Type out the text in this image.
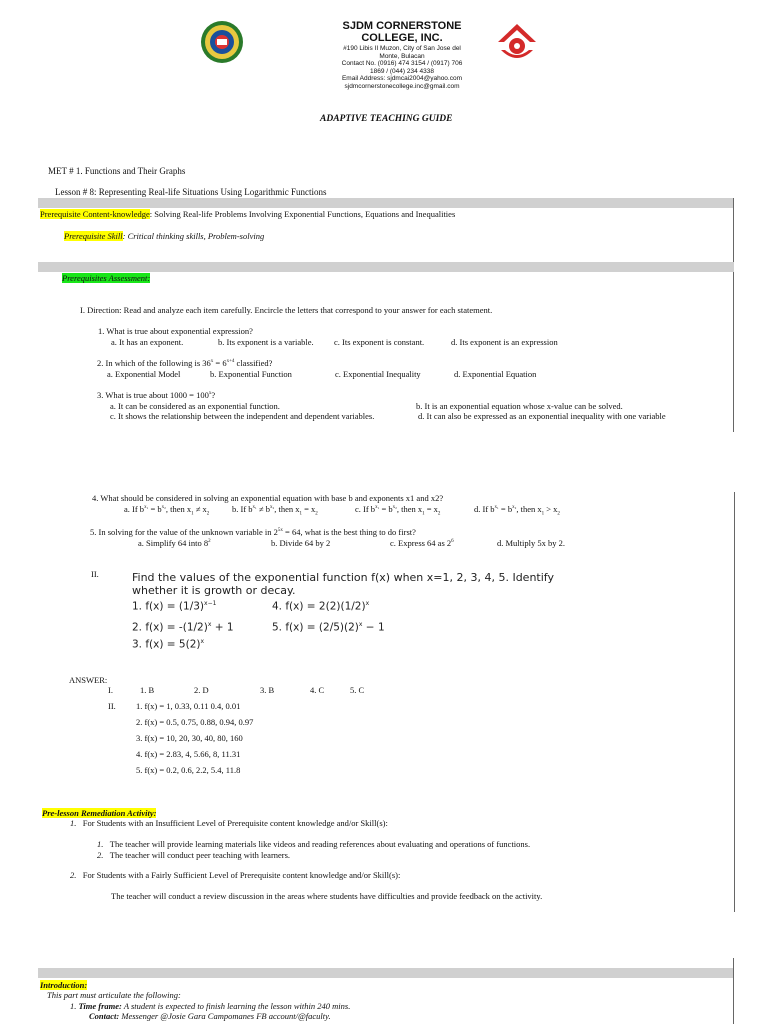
SJDM CORNERSTONE
COLLEGE, INC.
#190 Libis II Muzon, City of San Jose del
Monte, Bulacan
Contact No. (0916) 474 3154 / (0917) 706
1869 / (044) 234 4338
Email Address: sjdmcai2004@yahoo.com
sjdmcornerstonecollege.inc@gmail.com
ADAPTIVE TEACHING GUIDE
MET # 1. Functions and Their Graphs
Lesson # 8: Representing Real-life Situations Using Logarithmic Functions
Prerequisite Content-knowledge: Solving Real-life Problems Involving Exponential Functions, Equations and Inequalities
Prerequisite Skill: Critical thinking skills, Problem-solving
Prerequisites Assessment:
I. Direction: Read and analyze each item carefully. Encircle the letters that correspond to your answer for each statement.
1. What is true about exponential expression?
a. It has an exponent.	b. Its exponent is a variable. c. Its exponent is constant.	d. Its exponent is an expression
2. In which of the following is $36^x = 6^{x+4}$ classified?
a. Exponential Model	b. Exponential Function	c. Exponential Inequality	d. Exponential Equation
3. What is true about $1000 = 100^x$?
a. It can be considered as an exponential function.	b. It is an exponential equation whose x-value can be solved.
c. It shows the relationship between the independent and dependent variables.	d. It can also be expressed as an exponential inequality with one variable
4. What should be considered in solving an exponential equation with base b and exponents x1 and x2?
a. If $b^{x_1} = b^{x_2}$, then $x_1 \ne x_2$
b. If $b^{x_1} \ne b^{x_2}$, then $x_1 = x_2$
c. If $b^{x_1} = b^{x_2}$, then $x_1 = x_2$
d. If $b^{x_1} = b^{x_2}$, then $x_1 > x_2$
5. In solving for the value of the unknown variable in $2^{5x} = 64$, what is the best thing to do first?
a. Simplify 64 into $8^2$	b. Divide 64 by 2	c. Express 64 as $2^6$	d. Multiply 5x by 2.
II.	Find the values of the exponential function f(x) when x=1, 2, 3, 4, 5. Identify
whether it is growth or decay.
1. $f(x) = (1/3)^{x-1}$	4. $f(x) = 2(2)(1/2)^x$
2. $f(x) = -(1/2)^x + 1$	5. $f(x) = (2/5)(2)^x - 1$
3. $f(x) = 5(2)^x$
ANSWER:
I.	1. B	2. D	3. B	4. C	5. C
II. 1. f(x) = 1, 0.33, 0.11 0.4, 0.01
2. f(x) = 0.5, 0.75, 0.88, 0.94, 0.97
3. f(x) = 10, 20, 30, 40, 80, 160
4. f(x) = 2.83, 4, 5.66, 8, 11.31
5. f(x) = 0.2, 0.6, 2.2, 5.4, 11.8
Pre-lesson Remediation Activity:
1. For Students with an Insufficient Level of Prerequisite content knowledge and/or Skill(s):
1. The teacher will provide learning materials like videos and reading references about evaluating and operations of functions.
2. The teacher will conduct peer teaching with learners.
2. For Students with a Fairly Sufficient Level of Prerequisite content knowledge and/or Skill(s):
The teacher will conduct a review discussion in the areas where students have difficulties and provide feedback on the activity.
Introduction:
This part must articulate the following:
1. Time frame: A student is expected to finish learning the lesson within 240 mins.
Contact: Messenger @Josie Gara Campomanes FB account/@faculty.
